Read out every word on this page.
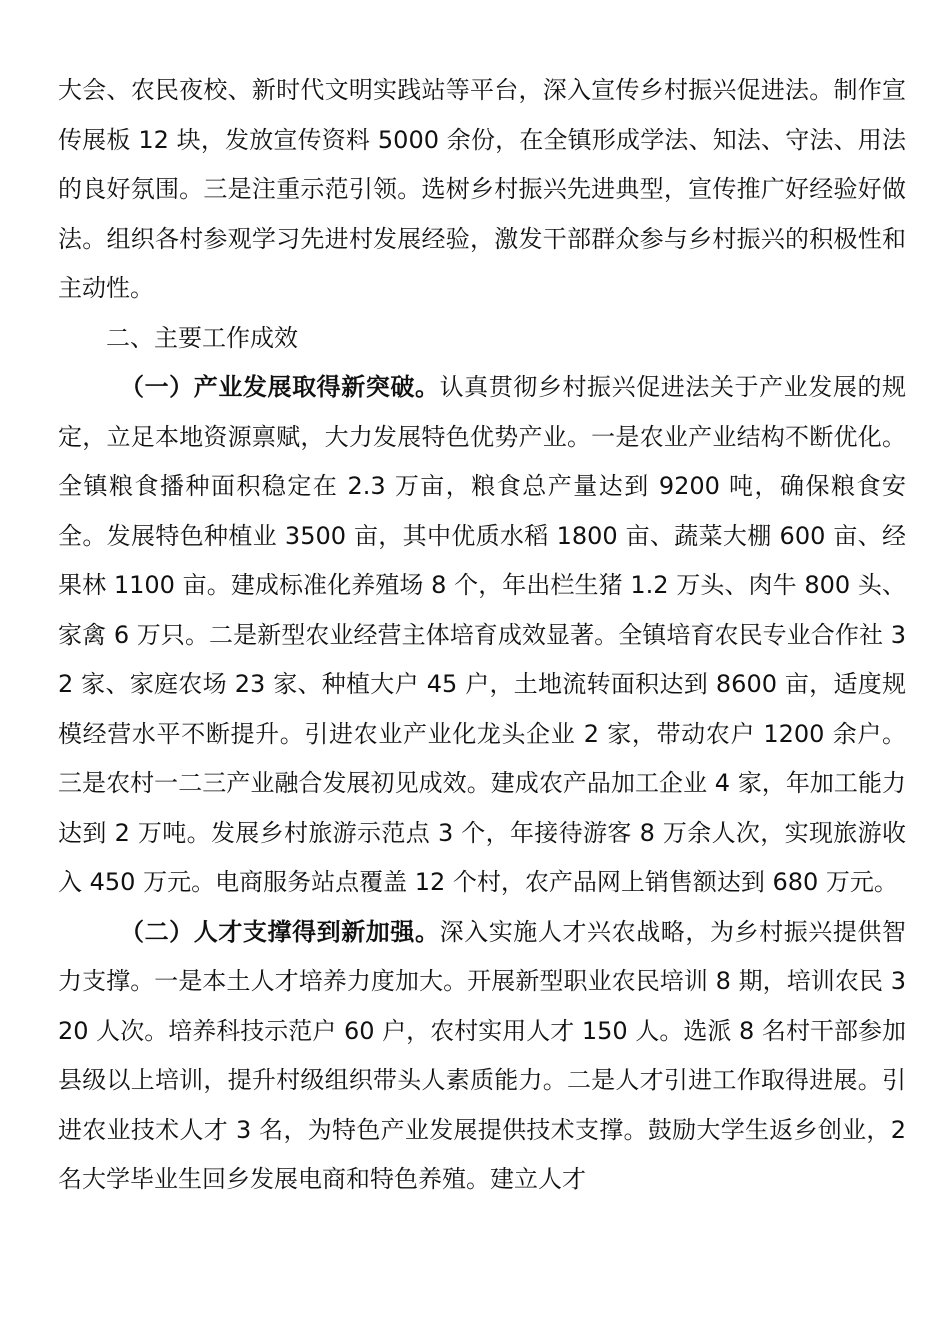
大会、农民夜校、新时代文明实践站等平台，深入宣传乡村振兴促进法。制作宣传展板 12 块，发放宣传资料 5000 余份，在全镇形成学法、知法、守法、用法的良好氛围。三是注重示范引领。选树乡村振兴先进典型，宣传推广好经验好做法。组织各村参观学习先进村发展经验，激发干部群众参与乡村振兴的积极性和主动性。

二、主要工作成效

（一）产业发展取得新突破。认真贯彻乡村振兴促进法关于产业发展的规定，立足本地资源禀赋，大力发展特色优势产业。一是农业产业结构不断优化。全镇粮食播种面积稳定在 2.3 万亩，粮食总产量达到 9200 吨，确保粮食安全。发展特色种植业 3500 亩，其中优质水稻 1800 亩、蔬菜大棚 600 亩、经果林 1100 亩。建成标准化养殖场 8 个，年出栏生猪 1.2 万头、肉牛 800 头、家禽 6 万只。二是新型农业经营主体培育成效显著。全镇培育农民专业合作社 32 家、家庭农场 23 家、种植大户 45 户，土地流转面积达到 8600 亩，适度规模经营水平不断提升。引进农业产业化龙头企业 2 家，带动农户 1200 余户。三是农村一二三产业融合发展初见成效。建成农产品加工企业 4 家，年加工能力达到 2 万吨。发展乡村旅游示范点 3 个，年接待游客 8 万余人次，实现旅游收入 450 万元。电商服务站点覆盖 12 个村，农产品网上销售额达到 680 万元。

（二）人才支撑得到新加强。深入实施人才兴农战略，为乡村振兴提供智力支撑。一是本土人才培养力度加大。开展新型职业农民培训 8 期，培训农民 320 人次。培养科技示范户 60 户，农村实用人才 150 人。选派 8 名村干部参加县级以上培训，提升村级组织带头人素质能力。二是人才引进工作取得进展。引进农业技术人才 3 名，为特色产业发展提供技术支撑。鼓励大学生返乡创业，2 名大学毕业生回乡发展电商和特色养殖。建立人才
